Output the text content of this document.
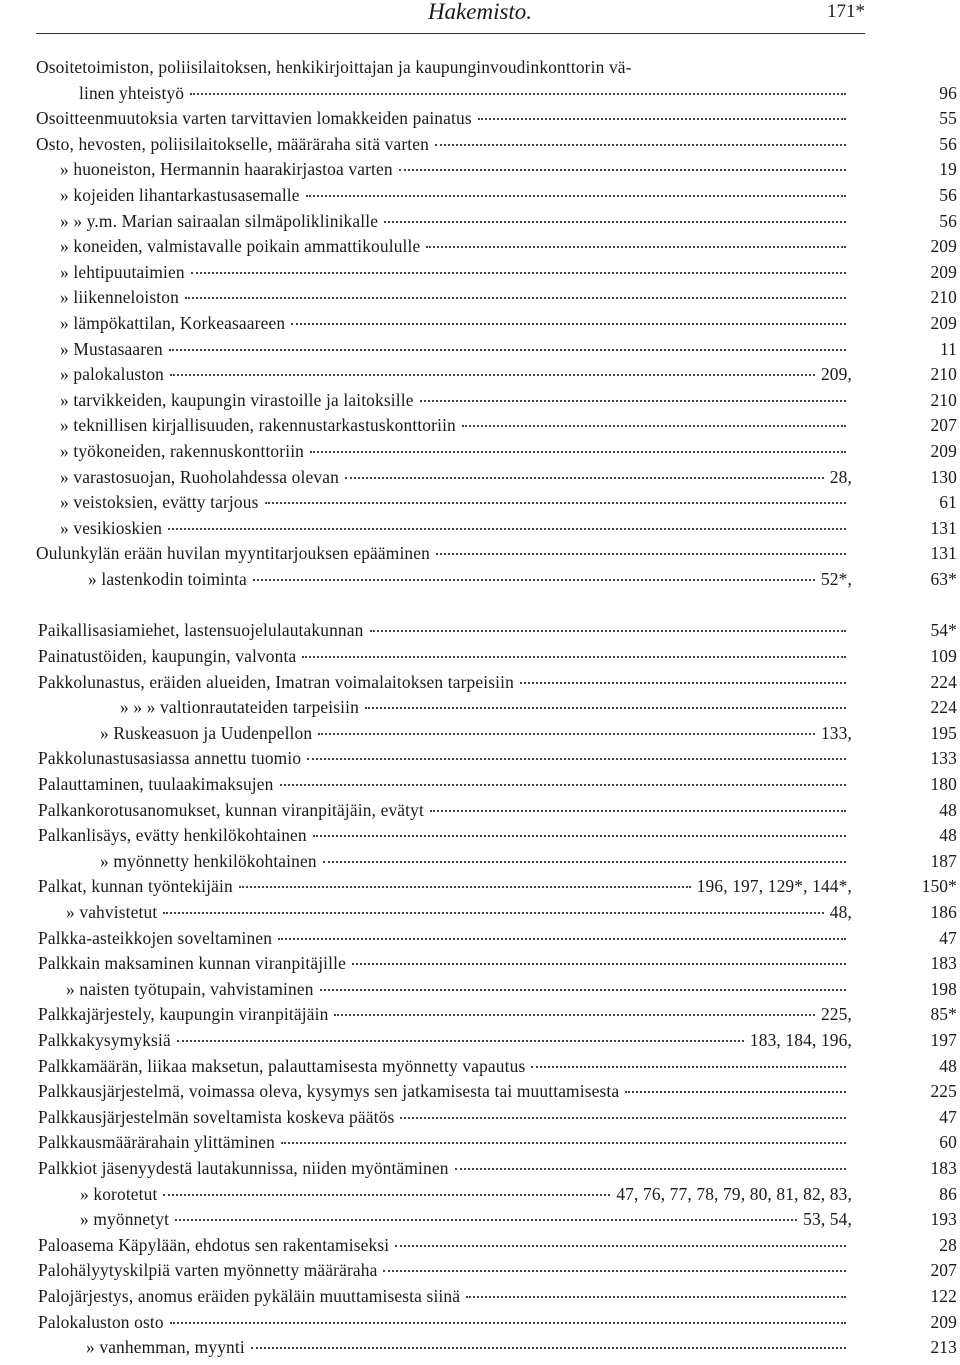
Hakemisto.	171*
Osoitetoimiston, poliisilaitoksen, henkikirjoittajan ja kaupunginvoudinkonttorin vä-
linen yhteistyö	96
Osoitteenmuutoksia varten tarvittavien lomakkeiden painatus	55
Osto, hevosten, poliisilaitokselle, määräraha sitä varten	56
» huoneiston, Hermannin haarakirjastoa varten	19
» kojeiden lihantarkastusasemalle	56
» » y.m. Marian sairaalan silmäpoliklinikalle	56
» koneiden, valmistavalle poikain ammattikoululle	209
» lehtipuutaimien	209
» liikenneloiston	210
» lämpökattilan, Korkeasaareen	209
» Mustasaaren	11
» palokaluston	209,	210
» tarvikkeiden, kaupungin virastoille ja laitoksille	210
» teknillisen kirjallisuuden, rakennustarkastuskonttoriin	207
» työkoneiden, rakennuskonttoriin	209
» varastosuojan, Ruoholahdessa olevan	28,	130
» veistoksien, evätty tarjous	61
» vesikioskien	131
Oulunkylän erään huvilan myyntitarjouksen epääminen	131
» lastenkodin toiminta	52*,	63*
Paikallisasiamiehet, lastensuojelulautakunnan	54*
Painatustöiden, kaupungin, valvonta	109
Pakkolunastus, eräiden alueiden, Imatran voimalaitoksen tarpeisiin	224
» » » valtionrautateiden tarpeisiin	224
» Ruskeasuon ja Uudenpellon	133,	195
Pakkolunastusasiassa annettu tuomio	133
Palauttaminen, tuulaakimaksujen	180
Palkankorotusanomukset, kunnan viranpitäjäin, evätyt	48
Palkanlisäys, evätty henkilökohtainen	48
» myönnetty henkilökohtainen	187
Palkat, kunnan työntekijäin	196, 197, 129*, 144*,	150*
» vahvistetut	48,	186
Palkka-asteikkojen soveltaminen	47
Palkkain maksaminen kunnan viranpitäjille	183
» naisten työtupain, vahvistaminen	198
Palkkajärjestely, kaupungin viranpitäjäin	225,	85*
Palkkakysymyksiä	183, 184, 196,	197
Palkkamäärän, liikaa maksetun, palauttamisesta myönnetty vapautus	48
Palkkausjärjestelmä, voimassa oleva, kysymys sen jatkamisesta tai muuttamisesta	225
Palkkausjärjestelmän soveltamista koskeva päätös	47
Palkkausmäärärahain ylittäminen	60
Palkkiot jäsenyydestä lautakunnissa, niiden myöntäminen	183
» korotetut	47, 76, 77, 78, 79, 80, 81, 82, 83,	86
» myönnetyt	53, 54,	193
Paloasema Käpylään, ehdotus sen rakentamiseksi	28
Palohälyytyskilpiä varten myönnetty määräraha	207
Palojärjestys, anomus eräiden pykäläin muuttamisesta siinä	122
Palokaluston osto	209
» vanhemman, myynti	213
